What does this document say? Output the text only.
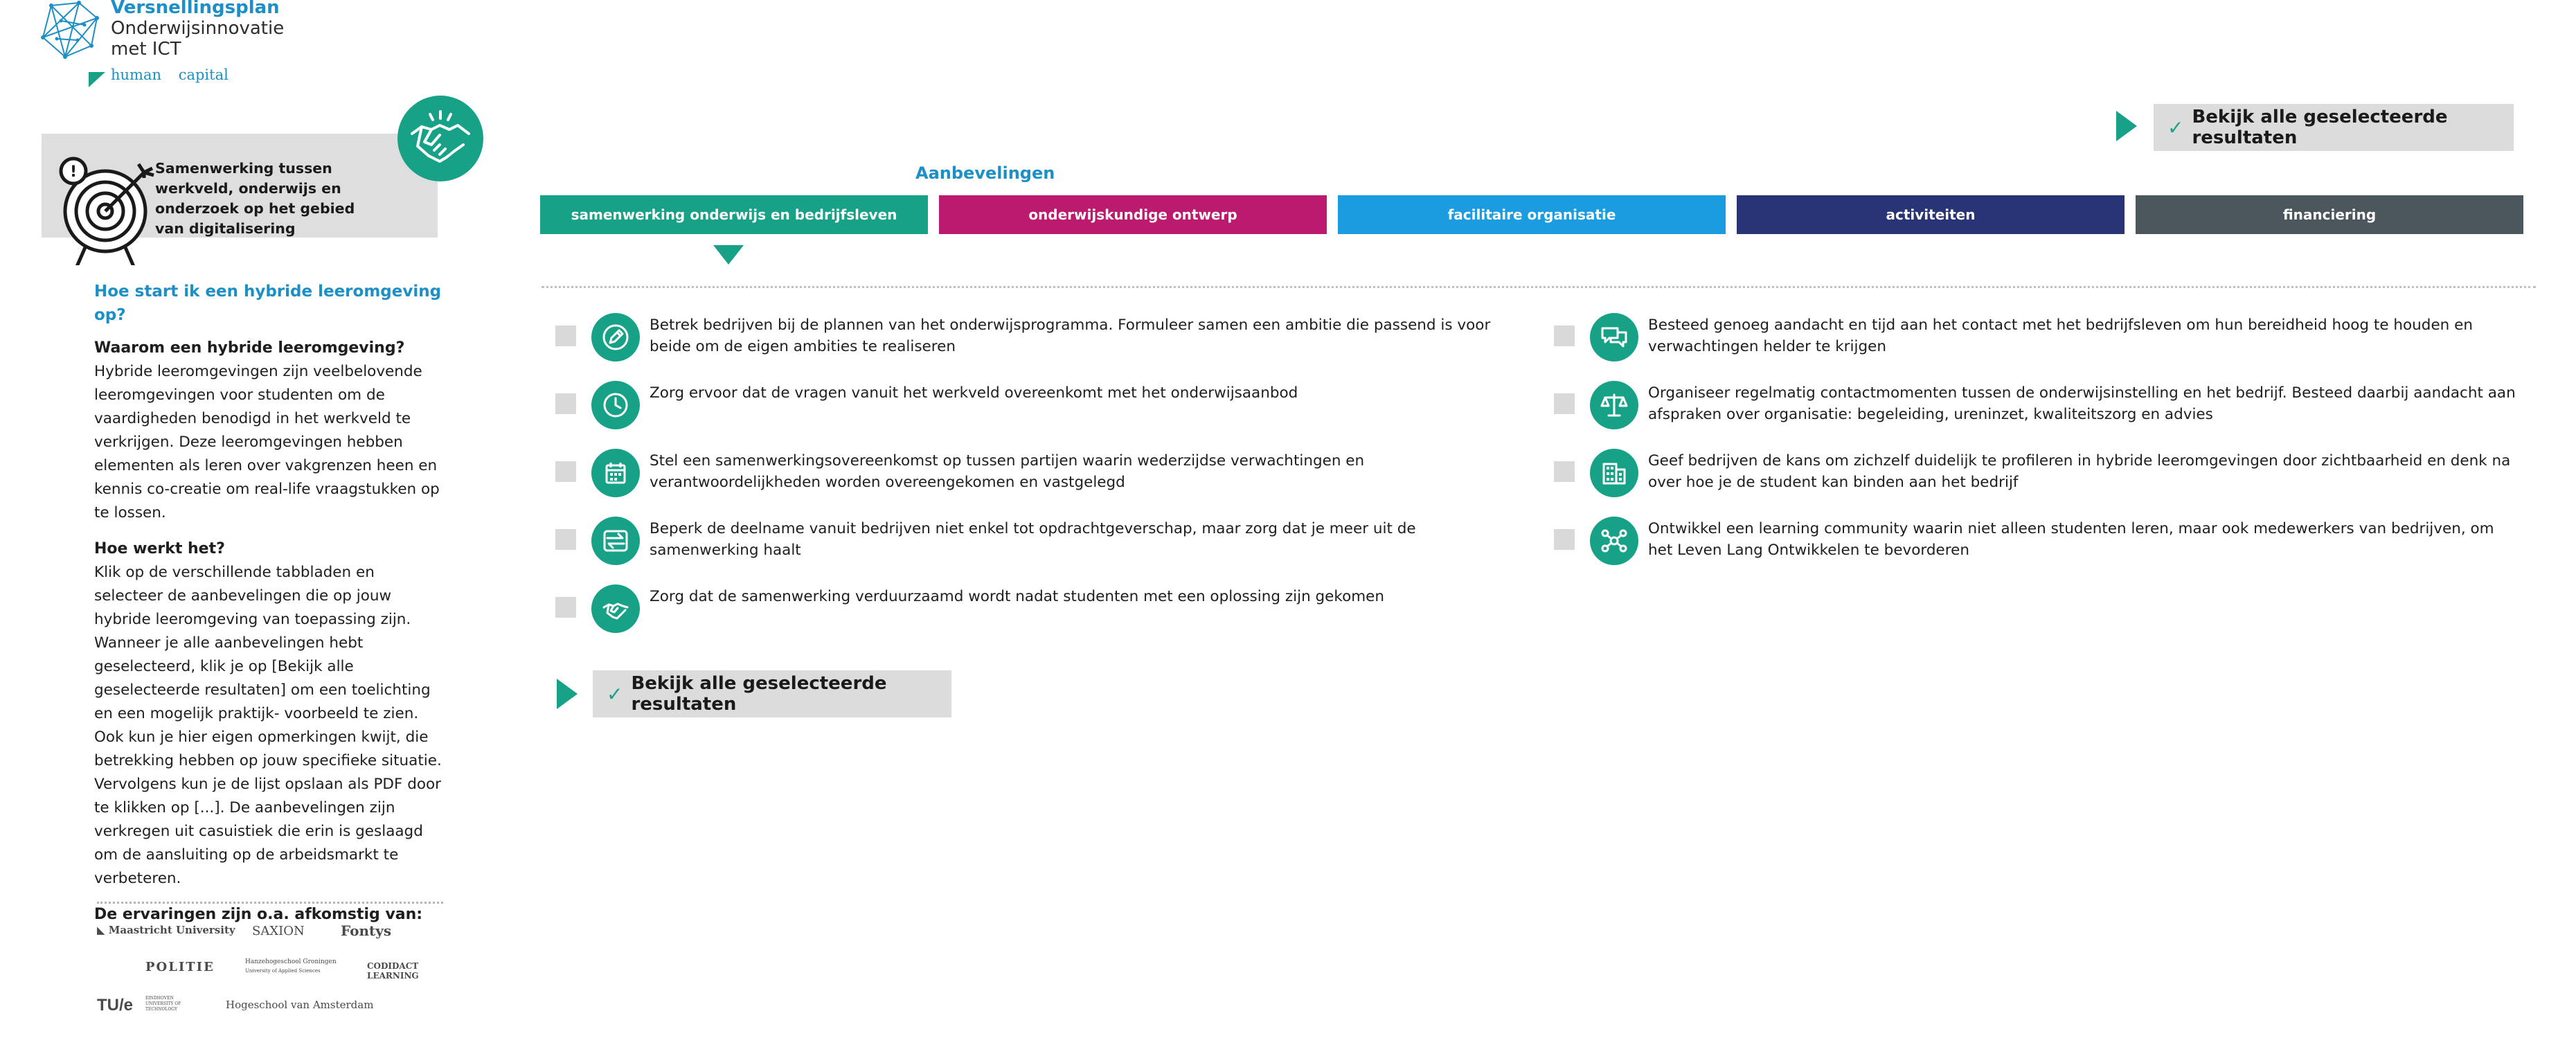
Versnellingsplan
Onderwijsinnovatie
met ICT
human capital
!	Samenwerking tussen werkveld, onderwijs en onderzoek op het gebied van digitalisering

Hoe start ik een hybride leeromgeving op?

Waarom een hybride leeromgeving?

Hybride leeromgevingen zijn veelbelovende leeromgevingen voor studenten om de vaardigheden benodigd in het werkveld te verkrijgen. Deze leeromgevingen hebben elementen als leren over vakgrenzen heen en kennis co-creatie om real-life vraagstukken op te lossen.

Hoe werkt het?

Klik op de verschillende tabbladen en selecteer de aanbevelingen die op jouw hybride leeromgeving van toepassing zijn. Wanneer je alle aanbevelingen hebt geselecteerd, klik je op [Bekijk alle geselecteerde resultaten] om een toelichting en een mogelijk praktijk- voorbeeld te zien. Ook kun je hier eigen opmerkingen kwijt, die betrekking hebben op jouw specifieke situatie. Vervolgens kun je de lijst opslaan als PDF door te klikken op [...]. De aanbevelingen zijn verkregen uit casuistiek die erin is geslaagd om de aansluiting op de arbeidsmarkt te verbeteren.

De ervaringen zijn o.a. afkomstig van:

◣ Maastricht University SAXION	Fontys
POLITIE	Hanzehogeschool Groningen
University of Applied Sciences	CODIDACT LEARNING
TU/e	EINDHOVEN UNIVERSITY OF TECHNOLOGY	Hogeschool van Amsterdam
✓ Bekijk alle geselecteerde resultaten
Aanbevelingen
samenwerking onderwijs en bedrijfsleven	onderwijskundige ontwerp	facilitaire organisatie	activiteiten	financiering
Betrek bedrijven bij de plannen van het onderwijsprogramma. Formuleer samen een ambitie die passend is voor
beide om de eigen ambities te realiseren
Zorg ervoor dat de vragen vanuit het werkveld overeenkomt met het onderwijsaanbod
Stel een samenwerkingsovereenkomst op tussen partijen waarin wederzijdse verwachtingen en
verantwoordelijkheden worden overeengekomen en vastgelegd
Beperk de deelname vanuit bedrijven niet enkel tot opdrachtgeverschap, maar zorg dat je meer uit de
samenwerking haalt
Zorg dat de samenwerking verduurzaamd wordt nadat studenten met een oplossing zijn gekomen
Besteed genoeg aandacht en tijd aan het contact met het bedrijfsleven om hun bereidheid hoog te houden en
verwachtingen helder te krijgen
Organiseer regelmatig contactmomenten tussen de onderwijsinstelling en het bedrijf. Besteed daarbij aandacht aan
afspraken over organisatie: begeleiding, ureninzet, kwaliteitszorg en advies
Geef bedrijven de kans om zichzelf duidelijk te profileren in hybride leeromgevingen door zichtbaarheid en denk na
over hoe je de student kan binden aan het bedrijf
Ontwikkel een learning community waarin niet alleen studenten leren, maar ook medewerkers van bedrijven, om
het Leven Lang Ontwikkelen te bevorderen
✓ Bekijk alle geselecteerde resultaten
